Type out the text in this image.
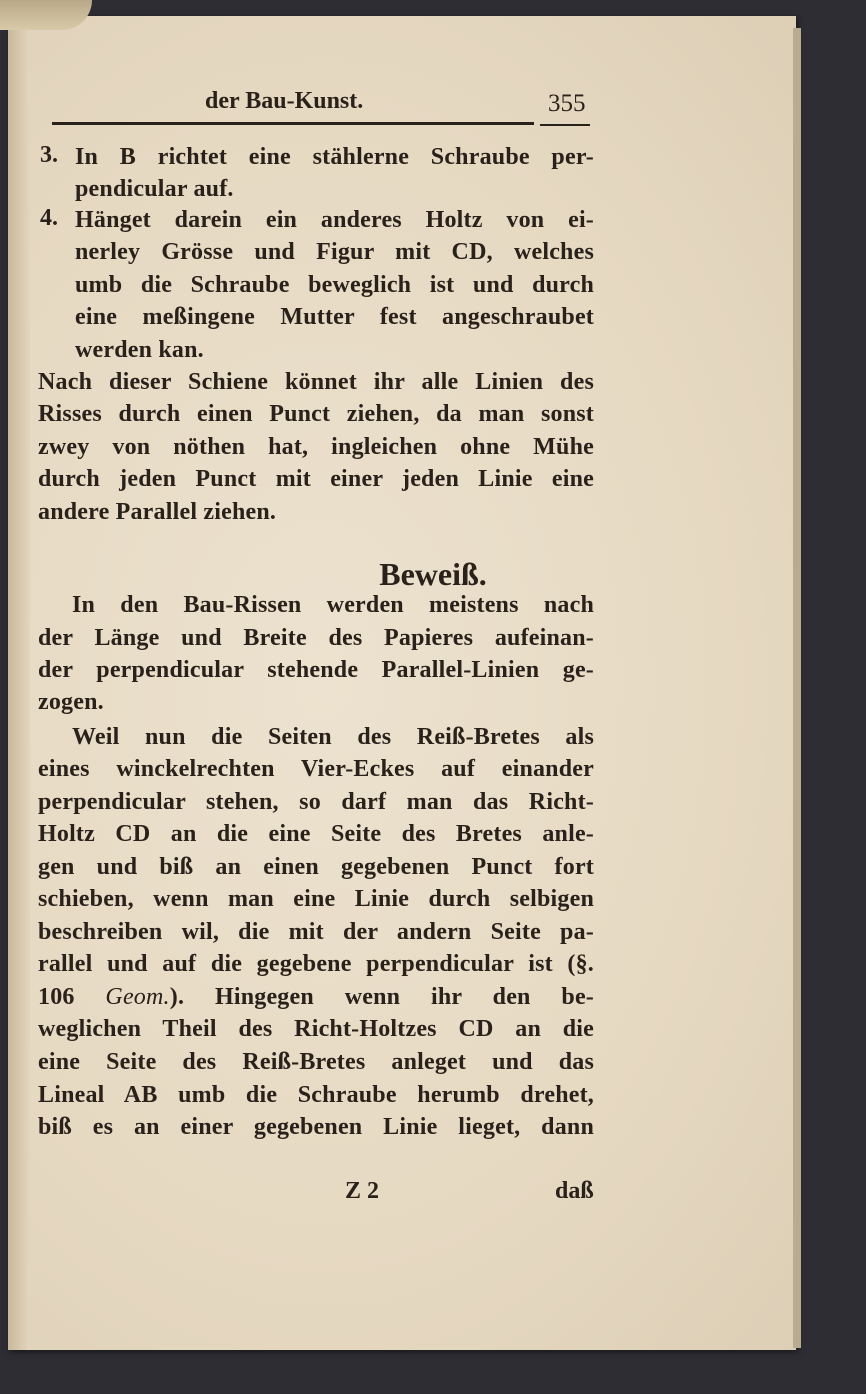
der Bau-Kunst.	355
3. In B richtet eine stählerne Schraube per-
pendicular auf.
4. Hänget darein ein anderes Holtz von ei-
nerley Grösse und Figur mit CD, welches
umb die Schraube beweglich ist und durch
eine meßingene Mutter fest angeschraubet
werden kan.
Nach dieser Schiene könnet ihr alle Linien des
Risses durch einen Punct ziehen, da man sonst
zwey von nöthen hat, ingleichen ohne Mühe
durch jeden Punct mit einer jeden Linie eine
andere Parallel ziehen.
Beweiß.
In den Bau-Rissen werden meistens nach
der Länge und Breite des Papieres aufeinan-
der perpendicular stehende Parallel-Linien ge-
zogen.
Weil nun die Seiten des Reiß-Bretes als
eines winckelrechten Vier-Eckes auf einander
perpendicular stehen, so darf man das Richt-
Holtz CD an die eine Seite des Bretes anle-
gen und biß an einen gegebenen Punct fort
schieben, wenn man eine Linie durch selbigen
beschreiben wil, die mit der andern Seite pa-
rallel und auf die gegebene perpendicular ist (§.
106 Geom.). Hingegen wenn ihr den be-
weglichen Theil des Richt-Holtzes CD an die
eine Seite des Reiß-Bretes anleget und das
Lineal AB umb die Schraube herumb drehet,
biß es an einer gegebenen Linie lieget, dann
Z 2	daß
